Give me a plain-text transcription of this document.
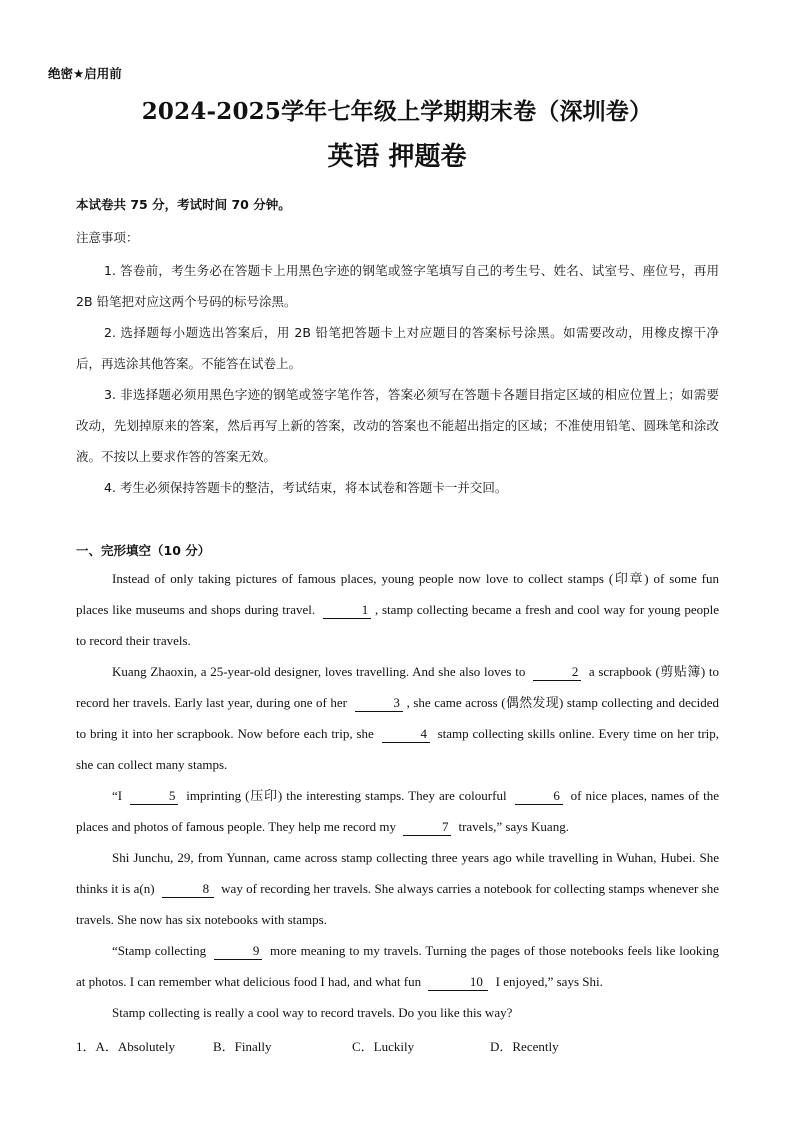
绝密★启用前
2024-2025学年七年级上学期期末卷（深圳卷）
英语 押题卷
本试卷共 75 分，考试时间 70 分钟。
注意事项：

1. 答卷前，考生务必在答题卡上用黑色字迹的钢笔或签字笔填写自己的考生号、姓名、试室号、座位号，再用 2B 铅笔把对应这两个号码的标号涂黑。

2. 选择题每小题选出答案后，用 2B 铅笔把答题卡上对应题目的答案标号涂黑。如需要改动，用橡皮擦干净后，再选涂其他答案。不能答在试卷上。

3. 非选择题必须用黑色字迹的钢笔或签字笔作答，答案必须写在答题卡各题目指定区域的相应位置上；如需要改动，先划掉原来的答案，然后再写上新的答案，改动的答案也不能超出指定的区域；不准使用铅笔、圆珠笔和涂改液。不按以上要求作答的答案无效。

4. 考生必须保持答题卡的整洁，考试结束，将本试卷和答题卡一并交回。

一、完形填空（10 分）

Instead of only taking pictures of famous places, young people now love to collect stamps (印章) of some fun places like museums and shops during travel.	1 , stamp collecting became a fresh and cool way for young people to record their travels.

Kuang Zhaoxin, a 25-year-old designer, loves travelling. And she also loves to	2 a scrapbook (剪贴簿) to record her travels. Early last year, during one of her	3 , she came across (偶然发现) stamp collecting and decided to bring it into her scrapbook. Now before each trip, she	4 stamp collecting skills online. Every time on her trip, she can collect many stamps.

“I	5 imprinting (压印) the interesting stamps. They are colourful	6 of nice places, names of the places and photos of famous people. They help me record my	7 travels,” says Kuang.

Shi Junchu, 29, from Yunnan, came across stamp collecting three years ago while travelling in Wuhan, Hubei. She thinks it is a(n)	8 way of recording her travels. She always carries a notebook for collecting stamps whenever she travels. She now has six notebooks with stamps.

“Stamp collecting	9 more meaning to my travels. Turning the pages of those notebooks feels like looking at photos. I can remember what delicious food I had, and what fun	10 I enjoyed,” says Shi.

Stamp collecting is really a cool way to record travels. Do you like this way?

1．A．Absolutely	B．Finally	C．Luckily	D．Recently
